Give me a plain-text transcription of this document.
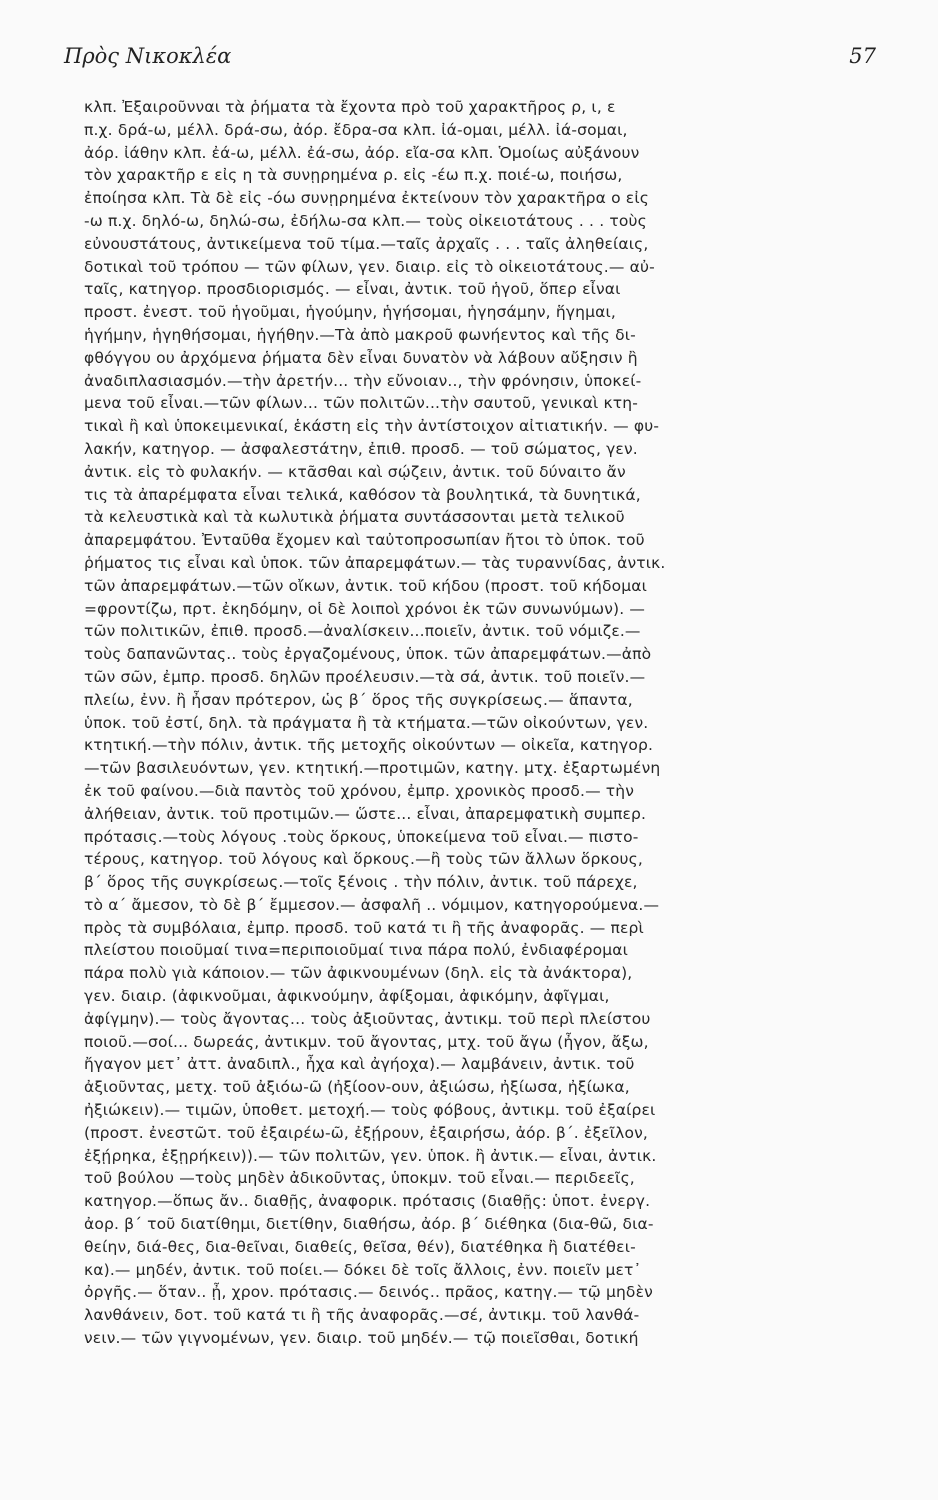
Πρὸς Νικοκλέα	57
κλπ. Ἐξαιροῦνναι τὰ ῥήματα τὰ ἔχοντα πρὸ τοῦ χαρακτῆρος ρ, ι, ε
π.χ. δρά-ω, μέλλ. δρά-σω, ἀόρ. ἔδρα-σα κλπ. ἰά-ομαι, μέλλ. ἰά-σομαι,
ἀόρ. ἰάθην κλπ. ἐά-ω, μέλλ. ἐά-σω, ἀόρ. εἴα-σα κλπ. Ὁμοίως αὐξάνουν
τὸν χαρακτῆρ ε εἰς η τὰ συνῃρημένα ρ. εἰς -έω π.χ. ποιέ-ω, ποιήσω,
ἐποίησα κλπ. Τὰ δὲ εἰς -όω συνῃρημένα ἐκτείνουν τὸν χαρακτῆρα ο εἰς
-ω π.χ. δηλό-ω, δηλώ-σω, ἐδήλω-σα κλπ.— τοὺς οἰκειοτάτους . . . τοὺς
εὐνουστάτους, ἀντικείμενα τοῦ τίμα.—ταῖς ἀρχαῖς . . . ταῖς ἀληθείαις,
δοτικαὶ τοῦ τρόπου — τῶν φίλων, γεν. διαιρ. εἰς τὸ οἰκειοτάτους.— αὐ-
ταῖς, κατηγορ. προσδιορισμός. — εἶναι, ἀντικ. τοῦ ἡγοῦ, ὅπερ εἶναι
προστ. ἐνεστ. τοῦ ἡγοῦμαι, ἡγούμην, ἡγήσομαι, ἡγησάμην, ἥγημαι,
ἡγήμην, ἡγηθήσομαι, ἡγήθην.—Τὰ ἀπὸ μακροῦ φωνήεντος καὶ τῆς δι-
φθόγγου ου ἀρχόμενα ῥήματα δὲν εἶναι δυνατὸν νὰ λάβουν αὔξησιν ἢ
ἀναδιπλασιασμόν.—τὴν ἀρετήν... τὴν εὔνοιαν.., τὴν φρόνησιν, ὑποκεί-
μενα τοῦ εἶναι.—τῶν φίλων... τῶν πολιτῶν...τὴν σαυτοῦ, γενικαὶ κτη-
τικαὶ ἢ καὶ ὑποκειμενικαί, ἑκάστη εἰς τὴν ἀντίστοιχον αἰτιατικήν. — φυ-
λακήν, κατηγορ. — ἀσφαλεστάτην, ἐπιθ. προσδ. — τοῦ σώματος, γεν.
ἀντικ. εἰς τὸ φυλακήν. — κτᾶσθαι καὶ σῴζειν, ἀντικ. τοῦ δύναιτο ἄν
τις τὰ ἀπαρέμφατα εἶναι τελικά, καθόσον τὰ βουλητικά, τὰ δυνητικά,
τὰ κελευστικὰ καὶ τὰ κωλυτικὰ ῥήματα συντάσσονται μετὰ τελικοῦ
ἀπαρεμφάτου. Ἐνταῦθα ἔχομεν καὶ ταὐτοπροσωπίαν ἤτοι τὸ ὑποκ. τοῦ
ῥήματος τις εἶναι καὶ ὑποκ. τῶν ἀπαρεμφάτων.— τὰς τυραννίδας, ἀντικ.
τῶν ἀπαρεμφάτων.—τῶν οἴκων, ἀντικ. τοῦ κήδου (προστ. τοῦ κήδομαι
=φροντίζω, πρτ. ἐκηδόμην, οἱ δὲ λοιποὶ χρόνοι ἐκ τῶν συνωνύμων). —
τῶν πολιτικῶν, ἐπιθ. προσδ.—ἀναλίσκειν...ποιεῖν, ἀντικ. τοῦ νόμιζε.—
τοὺς δαπανῶντας.. τοὺς ἐργαζομένους, ὑποκ. τῶν ἀπαρεμφάτων.—ἀπὸ
τῶν σῶν, ἐμπρ. προσδ. δηλῶν προέλευσιν.—τὰ σά, ἀντικ. τοῦ ποιεῖν.—
πλείω, ἐνν. ἢ ἦσαν πρότερον, ὡς β΄ ὅρος τῆς συγκρίσεως.— ἅπαντα,
ὑποκ. τοῦ ἐστί, δηλ. τὰ πράγματα ἢ τὰ κτήματα.—τῶν οἰκούντων, γεν.
κτητική.—τὴν πόλιν, ἀντικ. τῆς μετοχῆς οἰκούντων — οἰκεῖα, κατηγορ.
—τῶν βασιλευόντων, γεν. κτητική.—προτιμῶν, κατηγ. μτχ. ἐξαρτωμένη
ἐκ τοῦ φαίνου.—διὰ παντὸς τοῦ χρόνου, ἐμπρ. χρονικὸς προσδ.— τὴν
ἀλήθειαν, ἀντικ. τοῦ προτιμῶν.— ὥστε... εἶναι, ἀπαρεμφατικὴ συμπερ.
πρότασις.—τοὺς λόγους .τοὺς ὅρκους, ὑποκείμενα τοῦ εἶναι.— πιστο-
τέρους, κατηγορ. τοῦ λόγους καὶ ὅρκους.—ἢ τοὺς τῶν ἄλλων ὅρκους,
β΄ ὅρος τῆς συγκρίσεως.—τοῖς ξένοις . τὴν πόλιν, ἀντικ. τοῦ πάρεχε,
τὸ α΄ ἄμεσον, τὸ δὲ β΄ ἔμμεσον.— ἀσφαλῆ .. νόμιμον, κατηγορούμενα.—
πρὸς τὰ συμβόλαια, ἐμπρ. προσδ. τοῦ κατά τι ἢ τῆς ἀναφορᾶς. — περὶ
πλείστου ποιοῦμαί τινα=περιποιοῦμαί τινα πάρα πολύ, ἐνδιαφέρομαι
πάρα πολὺ γιὰ κάποιον.— τῶν ἀφικνουμένων (δηλ. εἰς τὰ ἀνάκτορα),
γεν. διαιρ. (ἀφικνοῦμαι, ἀφικνούμην, ἀφίξομαι, ἀφικόμην, ἀφῖγμαι,
ἀφίγμην).— τοὺς ἄγοντας... τοὺς ἀξιοῦντας, ἀντικμ. τοῦ περὶ πλείστου
ποιοῦ.—σοί... δωρεάς, ἀντικμν. τοῦ ἄγοντας, μτχ. τοῦ ἄγω (ἦγον, ἄξω,
ἤγαγον μετ᾽ ἀττ. ἀναδιπλ., ἦχα καὶ ἀγήοχα).— λαμβάνειν, ἀντικ. τοῦ
ἀξιοῦντας, μετχ. τοῦ ἀξιόω-ῶ (ἠξίοον-ουν, ἀξιώσω, ἠξίωσα, ἠξίωκα,
ἠξιώκειν).— τιμῶν, ὑποθετ. μετοχή.— τοὺς φόβους, ἀντικμ. τοῦ ἐξαίρει
(προστ. ἐνεστῶτ. τοῦ ἐξαιρέω-ῶ, ἐξῄρουν, ἐξαιρήσω, ἀόρ. β΄. ἐξεῖλον,
ἐξῄρηκα, ἐξῃρήκειν)).— τῶν πολιτῶν, γεν. ὑποκ. ἢ ἀντικ.— εἶναι, ἀντικ.
τοῦ βούλου —τοὺς μηδὲν ἀδικοῦντας, ὑποκμν. τοῦ εἶναι.— περιδεεῖς,
κατηγορ.—ὅπως ἄν.. διαθῇς, ἀναφορικ. πρότασις (διαθῇς: ὑποτ. ἐνεργ.
ἀορ. β΄ τοῦ διατίθημι, διετίθην, διαθήσω, ἀόρ. β΄ διέθηκα (δια-θῶ, δια-
θείην, διά-θες, δια-θεῖναι, διαθείς, θεῖσα, θέν), διατέθηκα ἢ διατέθει-
κα).— μηδέν, ἀντικ. τοῦ ποίει.— δόκει δὲ τοῖς ἄλλοις, ἐνν. ποιεῖν μετ᾽
ὀργῆς.— ὅταν.. ᾖ, χρον. πρότασις.— δεινός.. πρᾶος, κατηγ.— τῷ μηδὲν
λανθάνειν, δοτ. τοῦ κατά τι ἢ τῆς ἀναφορᾶς.—σέ, ἀντικμ. τοῦ λανθά-
νειν.— τῶν γιγνομένων, γεν. διαιρ. τοῦ μηδέν.— τῷ ποιεῖσθαι, δοτική
